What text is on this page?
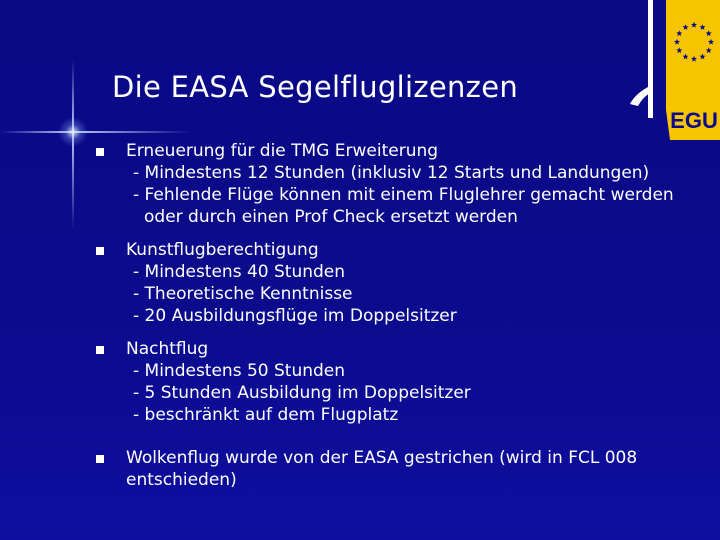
Die EASA Segelfluglizenzen
EGU
Erneuerung für die TMG Erweiterung
- Mindestens 12 Stunden (inklusiv 12 Starts und Landungen)
- Fehlende Flüge können mit einem Fluglehrer gemacht werden
oder durch einen Prof Check ersetzt werden
Kunstflugberechtigung
- Mindestens 40 Stunden
- Theoretische Kenntnisse
- 20 Ausbildungsflüge im Doppelsitzer
Nachtflug
- Mindestens 50 Stunden
- 5 Stunden Ausbildung im Doppelsitzer
- beschränkt auf dem Flugplatz
Wolkenflug wurde von der EASA gestrichen (wird in FCL 008
entschieden)
